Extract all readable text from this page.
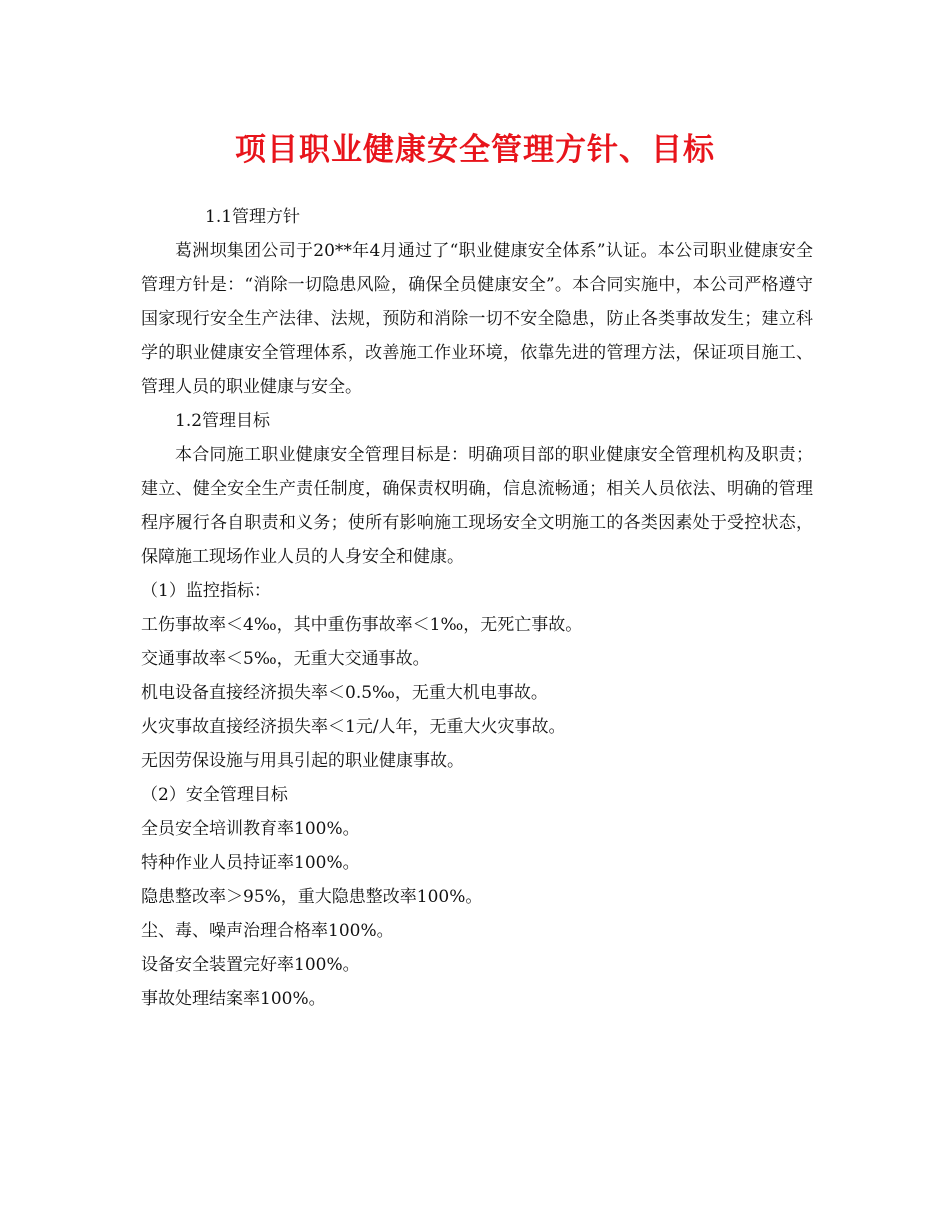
项目职业健康安全管理方针、目标

1.1管理方针

葛洲坝集团公司于20**年4月通过了“职业健康安全体系”认证。本公司职业健康安全管理方针是：“消除一切隐患风险，确保全员健康安全”。本合同实施中，本公司严格遵守国家现行安全生产法律、法规，预防和消除一切不安全隐患，防止各类事故发生；建立科学的职业健康安全管理体系，改善施工作业环境，依靠先进的管理方法，保证项目施工、管理人员的职业健康与安全。

1.2管理目标

本合同施工职业健康安全管理目标是：明确项目部的职业健康安全管理机构及职责；建立、健全安全生产责任制度，确保责权明确，信息流畅通；相关人员依法、明确的管理程序履行各自职责和义务；使所有影响施工现场安全文明施工的各类因素处于受控状态，保障施工现场作业人员的人身安全和健康。

（1）监控指标：

工伤事故率＜4‰，其中重伤事故率＜1‰，无死亡事故。

交通事故率＜5‰，无重大交通事故。

机电设备直接经济损失率＜0.5‰，无重大机电事故。

火灾事故直接经济损失率＜1元/人年，无重大火灾事故。

无因劳保设施与用具引起的职业健康事故。

（2）安全管理目标

全员安全培训教育率100%。

特种作业人员持证率100%。

隐患整改率＞95%，重大隐患整改率100%。

尘、毒、噪声治理合格率100%。

设备安全装置完好率100%。

事故处理结案率100%。
